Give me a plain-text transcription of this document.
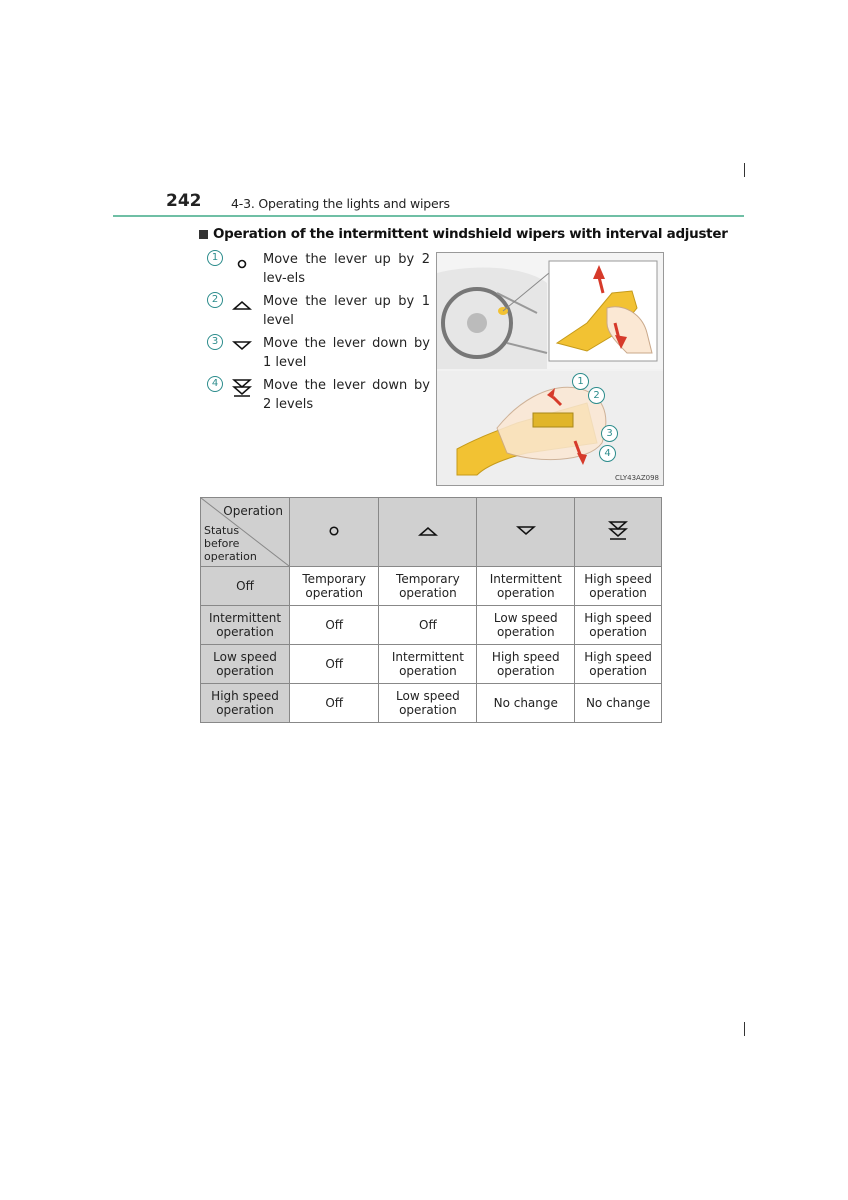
242 4-3. Operating the lights and wipers
Operation of the intermittent windshield wipers with interval adjuster
1	Move the lever up by 2 lev-els
2	Move the lever up by 1 level
3	Move the lever down by 1 level
4	Move the lever down by 2 levels
1
2
3
4
CLY43AZ098
Operation
Status before operation

Off	Temporary operation	Temporary operation	Intermittent operation	High speed operation
Intermittent operation	Off	Off	Low speed operation	High speed operation
Low speed operation	Off	Intermittent operation	High speed operation	High speed operation
High speed operation	Off	Low speed operation	No change	No change
